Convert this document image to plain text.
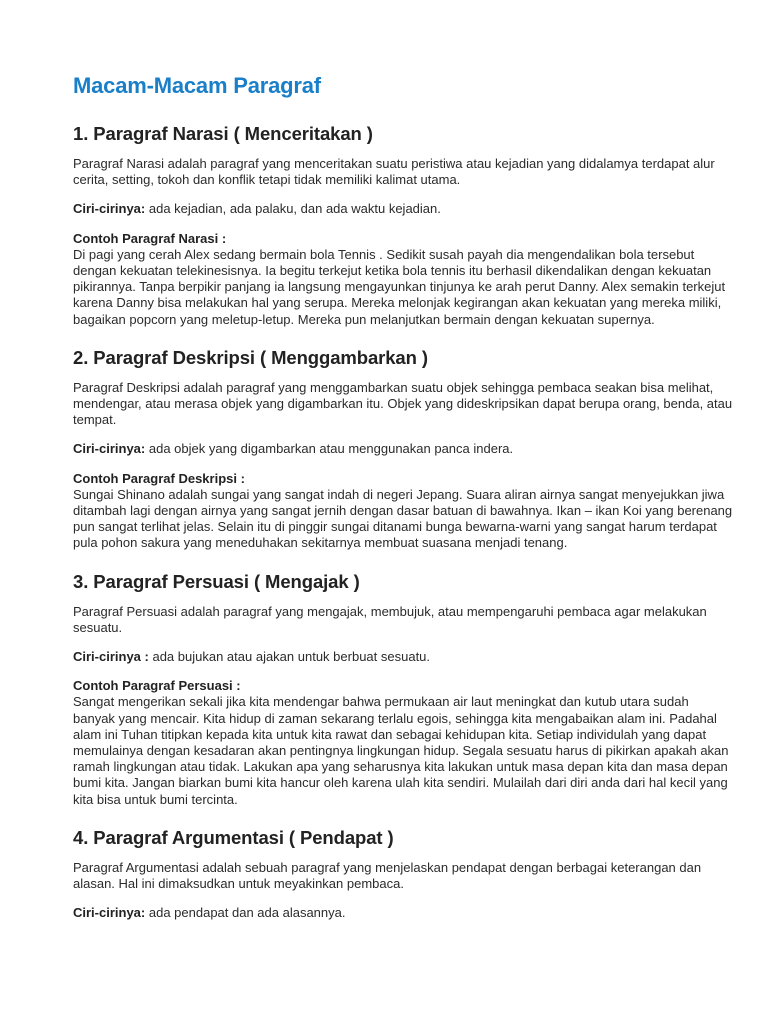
Macam-Macam Paragraf
1. Paragraf Narasi ( Menceritakan )

Paragraf Narasi adalah paragraf yang menceritakan suatu peristiwa atau kejadian yang didalamya terdapat alur cerita, setting, tokoh dan konflik tetapi tidak memiliki kalimat utama.

Ciri-cirinya: ada kejadian, ada palaku, dan ada waktu kejadian.

Contoh Paragraf Narasi :
Di pagi yang cerah Alex sedang bermain bola Tennis . Sedikit susah payah dia mengendalikan bola tersebut dengan kekuatan telekinesisnya. Ia begitu terkejut ketika bola tennis itu berhasil dikendalikan dengan kekuatan pikirannya. Tanpa berpikir panjang ia langsung mengayunkan tinjunya ke arah perut Danny. Alex semakin terkejut karena Danny bisa melakukan hal yang serupa. Mereka melonjak kegirangan akan kekuatan yang mereka miliki, bagaikan popcorn yang meletup-letup. Mereka pun melanjutkan bermain dengan kekuatan supernya.

2. Paragraf Deskripsi ( Menggambarkan )

Paragraf Deskripsi adalah paragraf yang menggambarkan suatu objek sehingga pembaca seakan bisa melihat, mendengar, atau merasa objek yang digambarkan itu. Objek yang dideskripsikan dapat berupa orang, benda, atau tempat.

Ciri-cirinya: ada objek yang digambarkan atau menggunakan panca indera.

Contoh Paragraf Deskripsi :
Sungai Shinano adalah sungai yang sangat indah di negeri Jepang. Suara aliran airnya sangat menyejukkan jiwa ditambah lagi dengan airnya yang sangat jernih dengan dasar batuan di bawahnya. Ikan – ikan Koi yang berenang pun sangat terlihat jelas. Selain itu di pinggir sungai ditanami bunga bewarna-warni yang sangat harum terdapat pula pohon sakura yang meneduhakan sekitarnya membuat suasana menjadi tenang.

3. Paragraf Persuasi ( Mengajak )

Paragraf Persuasi adalah paragraf yang mengajak, membujuk, atau mempengaruhi pembaca agar melakukan sesuatu.

Ciri-cirinya : ada bujukan atau ajakan untuk berbuat sesuatu.

Contoh Paragraf Persuasi :
Sangat mengerikan sekali jika kita mendengar bahwa permukaan air laut meningkat dan kutub utara sudah banyak yang mencair. Kita hidup di zaman sekarang terlalu egois, sehingga kita mengabaikan alam ini. Padahal alam ini Tuhan titipkan kepada kita untuk kita rawat dan sebagai kehidupan kita. Setiap individulah yang dapat memulainya dengan kesadaran akan pentingnya lingkungan hidup. Segala sesuatu harus di pikirkan apakah akan ramah lingkungan atau tidak. Lakukan apa yang seharusnya kita lakukan untuk masa depan kita dan masa depan bumi kita. Jangan biarkan bumi kita hancur oleh karena ulah kita sendiri. Mulailah dari diri anda dari hal kecil yang kita bisa untuk bumi tercinta.

4. Paragraf Argumentasi ( Pendapat )

Paragraf Argumentasi adalah sebuah paragraf yang menjelaskan pendapat dengan berbagai keterangan dan alasan. Hal ini dimaksudkan untuk meyakinkan pembaca.

Ciri-cirinya: ada pendapat dan ada alasannya.
